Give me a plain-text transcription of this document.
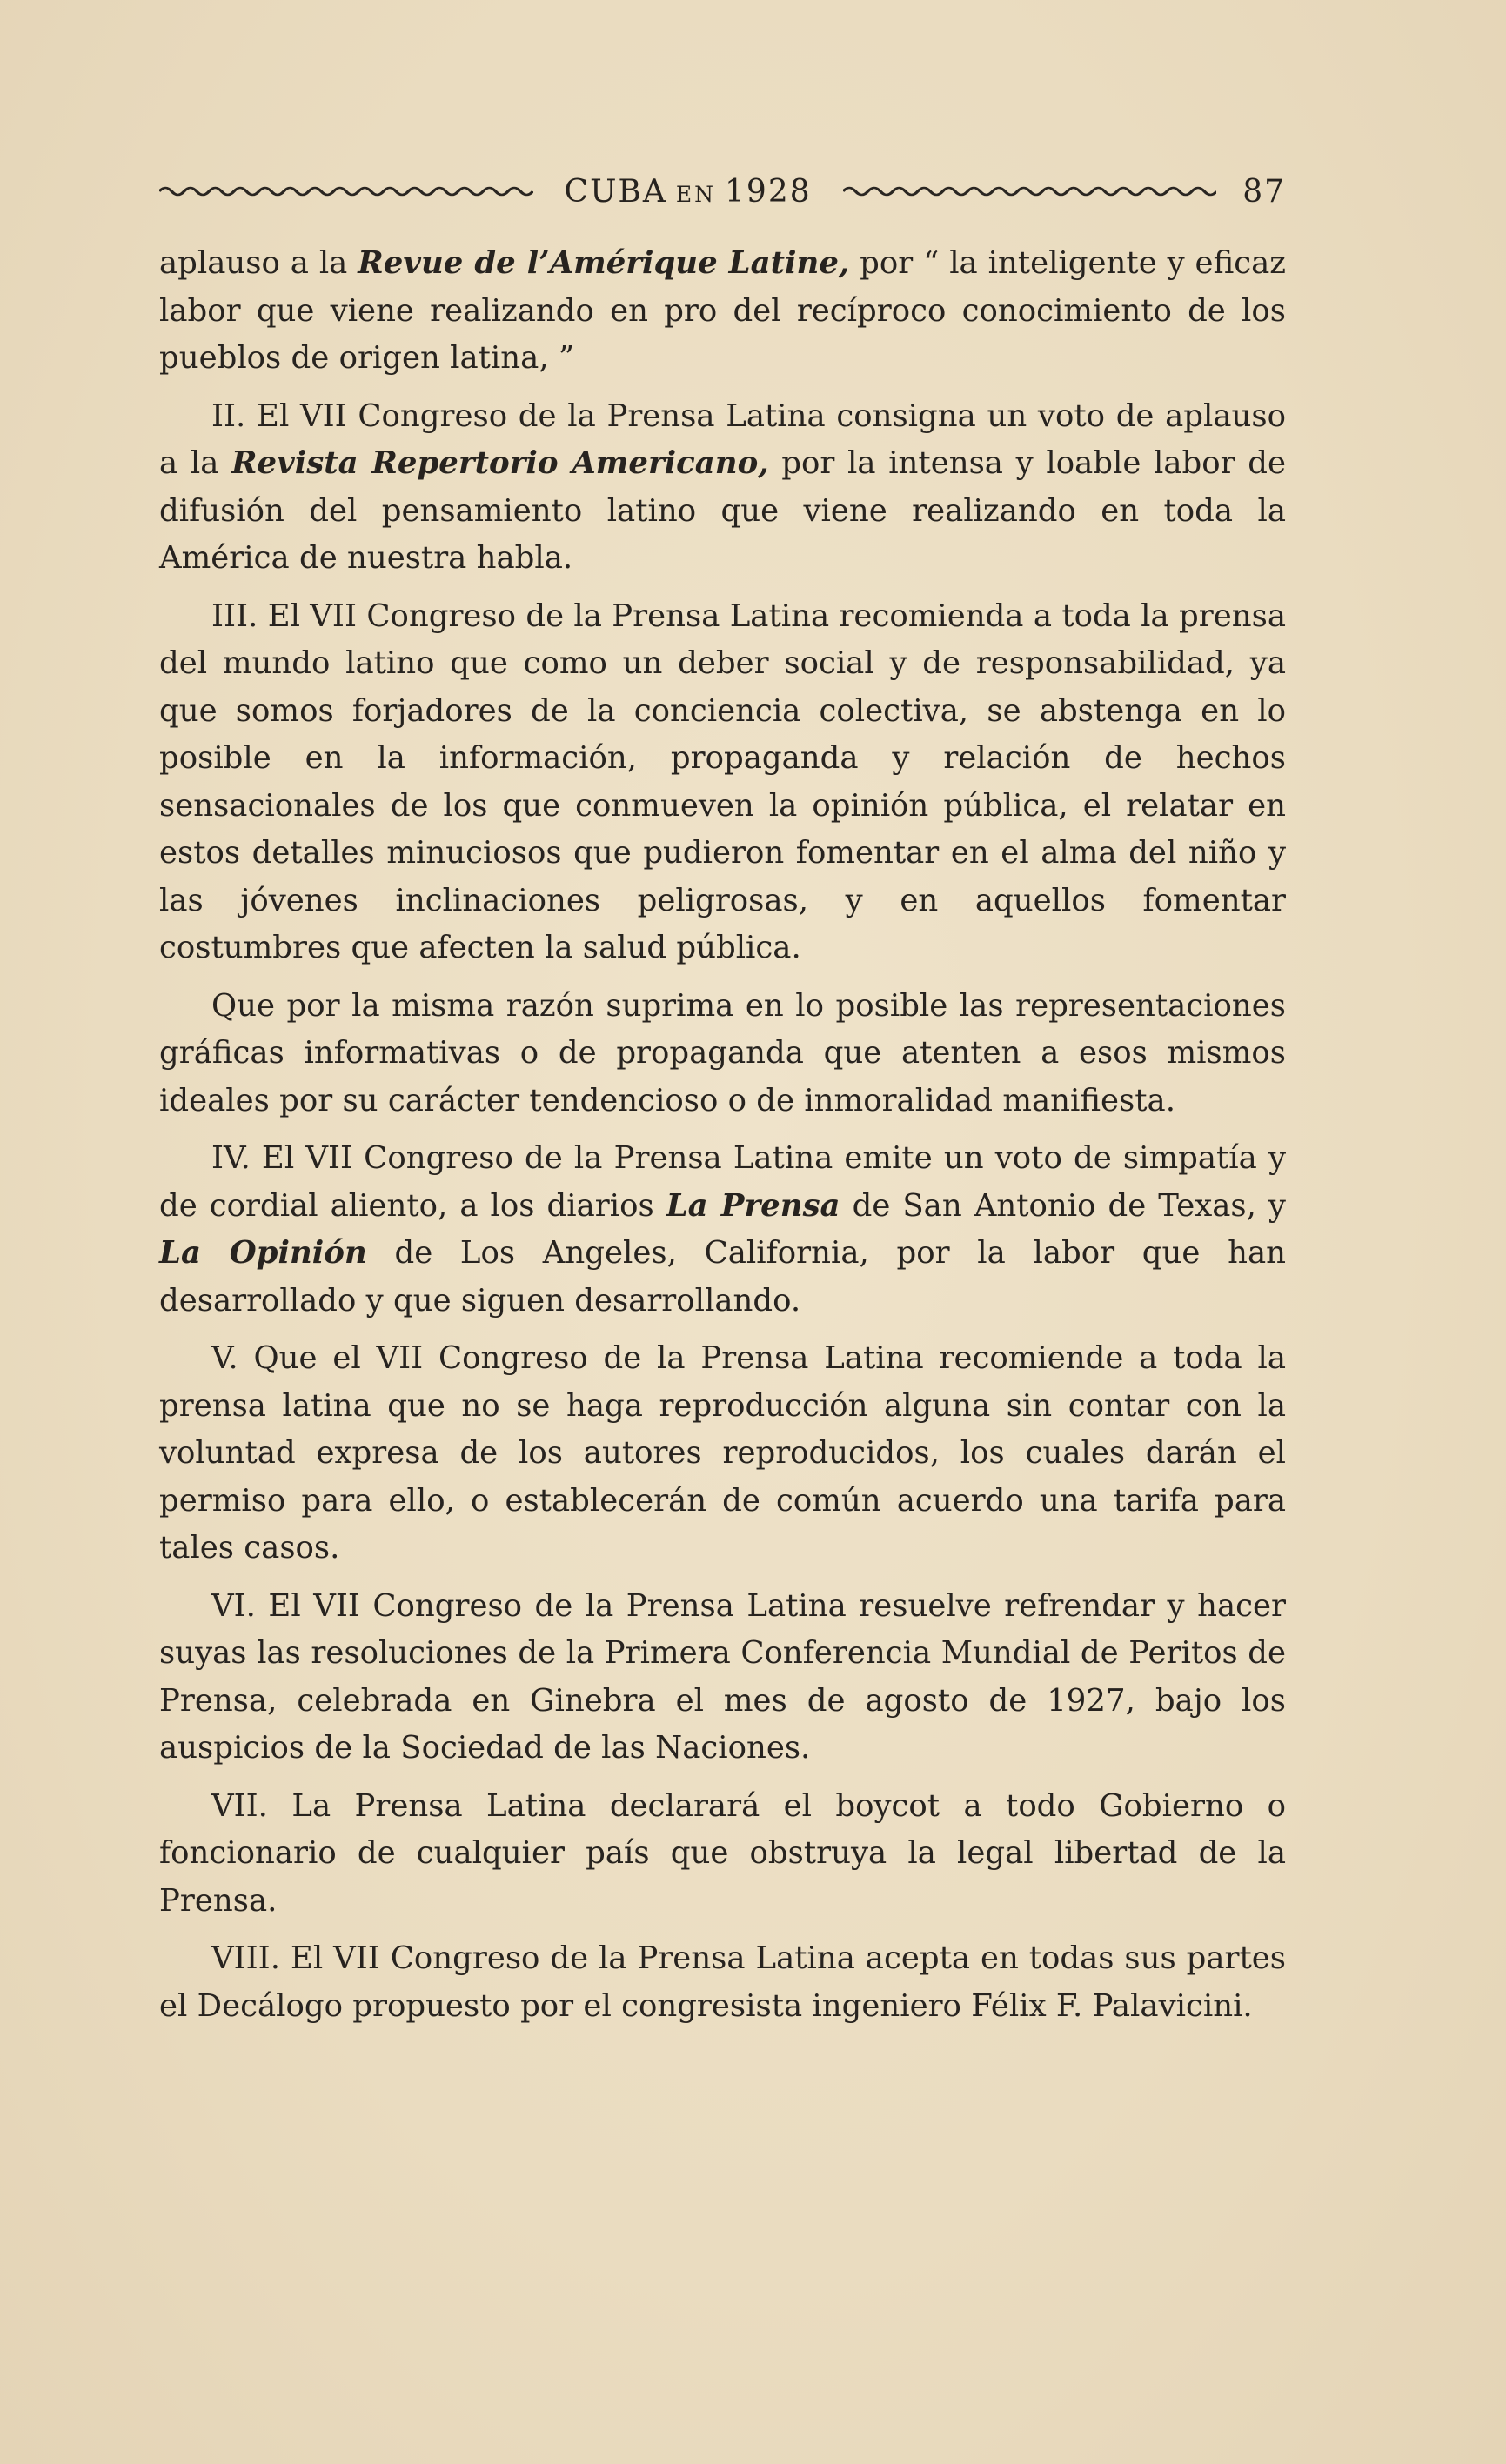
CUBA EN 1928	87

aplauso a la Revue de l’Amérique Latine, por “ la inteligente y eficaz labor que viene realizando en pro del recíproco conocimiento de los pueblos de origen latina, ”

II. El VII Congreso de la Prensa Latina consigna un voto de aplauso a la Revista Repertorio Americano, por la intensa y loable labor de difusión del pensamiento latino que viene realizando en toda la América de nuestra habla.

III. El VII Congreso de la Prensa Latina recomienda a toda la prensa del mundo latino que como un deber social y de responsabilidad, ya que somos forjadores de la conciencia colectiva, se abstenga en lo posible en la información, propaganda y relación de hechos sensacionales de los que conmueven la opinión pública, el relatar en estos detalles minuciosos que pudieron fomentar en el alma del niño y las jóvenes inclinaciones peligrosas, y en aquellos fomentar costumbres que afecten la salud pública.

Que por la misma razón suprima en lo posible las representaciones gráficas informativas o de propaganda que atenten a esos mismos ideales por su carácter tendencioso o de inmoralidad manifiesta.

IV. El VII Congreso de la Prensa Latina emite un voto de simpatía y de cordial aliento, a los diarios La Prensa de San Antonio de Texas, y La Opinión de Los Angeles, California, por la labor que han desarrollado y que siguen desarrollando.

V. Que el VII Congreso de la Prensa Latina recomiende a toda la prensa latina que no se haga reproducción alguna sin contar con la voluntad expresa de los autores reproducidos, los cuales darán el permiso para ello, o establecerán de común acuerdo una tarifa para tales casos.

VI. El VII Congreso de la Prensa Latina resuelve refrendar y hacer suyas las resoluciones de la Primera Conferencia Mundial de Peritos de Prensa, celebrada en Ginebra el mes de agosto de 1927, bajo los auspicios de la Sociedad de las Naciones.

VII. La Prensa Latina declarará el boycot a todo Gobierno o foncionario de cualquier país que obstruya la legal libertad de la Prensa.

VIII. El VII Congreso de la Prensa Latina acepta en todas sus partes el Decálogo propuesto por el congresista ingeniero Félix F. Palavicini.
